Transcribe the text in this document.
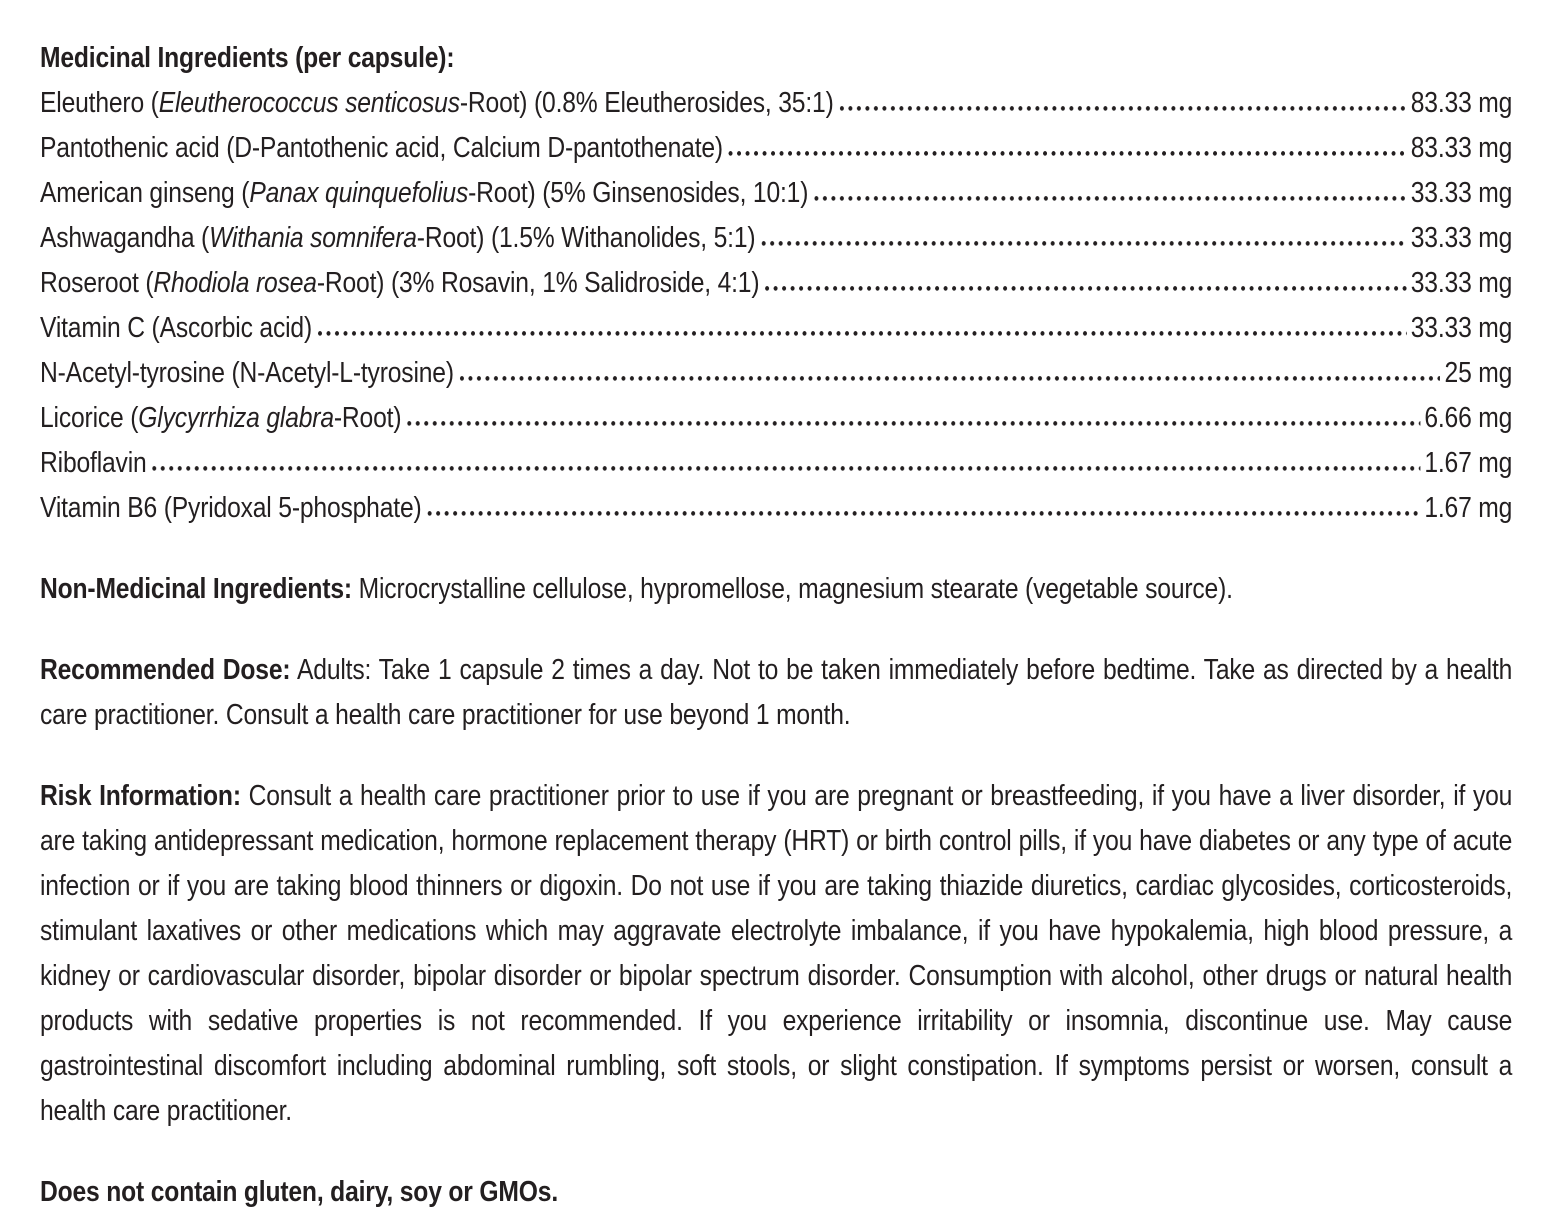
Medicinal Ingredients (per capsule):
Eleuthero (Eleutherococcus senticosus-Root) (0.8% Eleutherosides, 35:1)	83.33 mg
Pantothenic acid (D-Pantothenic acid, Calcium D-pantothenate)	83.33 mg
American ginseng (Panax quinquefolius-Root) (5% Ginsenosides, 10:1)	33.33 mg
Ashwagandha (Withania somnifera-Root) (1.5% Withanolides, 5:1)	33.33 mg
Roseroot (Rhodiola rosea-Root) (3% Rosavin, 1% Salidroside, 4:1)	33.33 mg
Vitamin C (Ascorbic acid)	33.33 mg
N-Acetyl-tyrosine (N-Acetyl-L-tyrosine)	25 mg
Licorice (Glycyrrhiza glabra-Root)	6.66 mg
Riboflavin	1.67 mg
Vitamin B6 (Pyridoxal 5-phosphate)	1.67 mg

Non-Medicinal Ingredients: Microcrystalline cellulose, hypromellose, magnesium stearate (vegetable source).

Recommended Dose: Adults: Take 1 capsule 2 times a day. Not to be taken immediately before bedtime. Take as directed by a health care practitioner. Consult a health care practitioner for use beyond 1 month.

Risk Information: Consult a health care practitioner prior to use if you are pregnant or breastfeeding, if you have a liver disorder, if you are taking antidepressant medication, hormone replacement therapy (HRT) or birth control pills, if you have diabetes or any type of acute infection or if you are taking blood thinners or digoxin. Do not use if you are taking thiazide diuretics, cardiac glycosides, corticosteroids, stimulant laxatives or other medications which may aggravate electrolyte imbalance, if you have hypokalemia, high blood pressure, a kidney or cardiovascular disorder, bipolar disorder or bipolar spectrum disorder. Consumption with alcohol, other drugs or natural health products with sedative properties is not recommended. If you experience irritability or insomnia, discontinue use. May cause gastrointestinal discomfort including abdominal rumbling, soft stools, or slight constipation. If symptoms persist or worsen, consult a health care practitioner.

Does not contain gluten, dairy, soy or GMOs.
